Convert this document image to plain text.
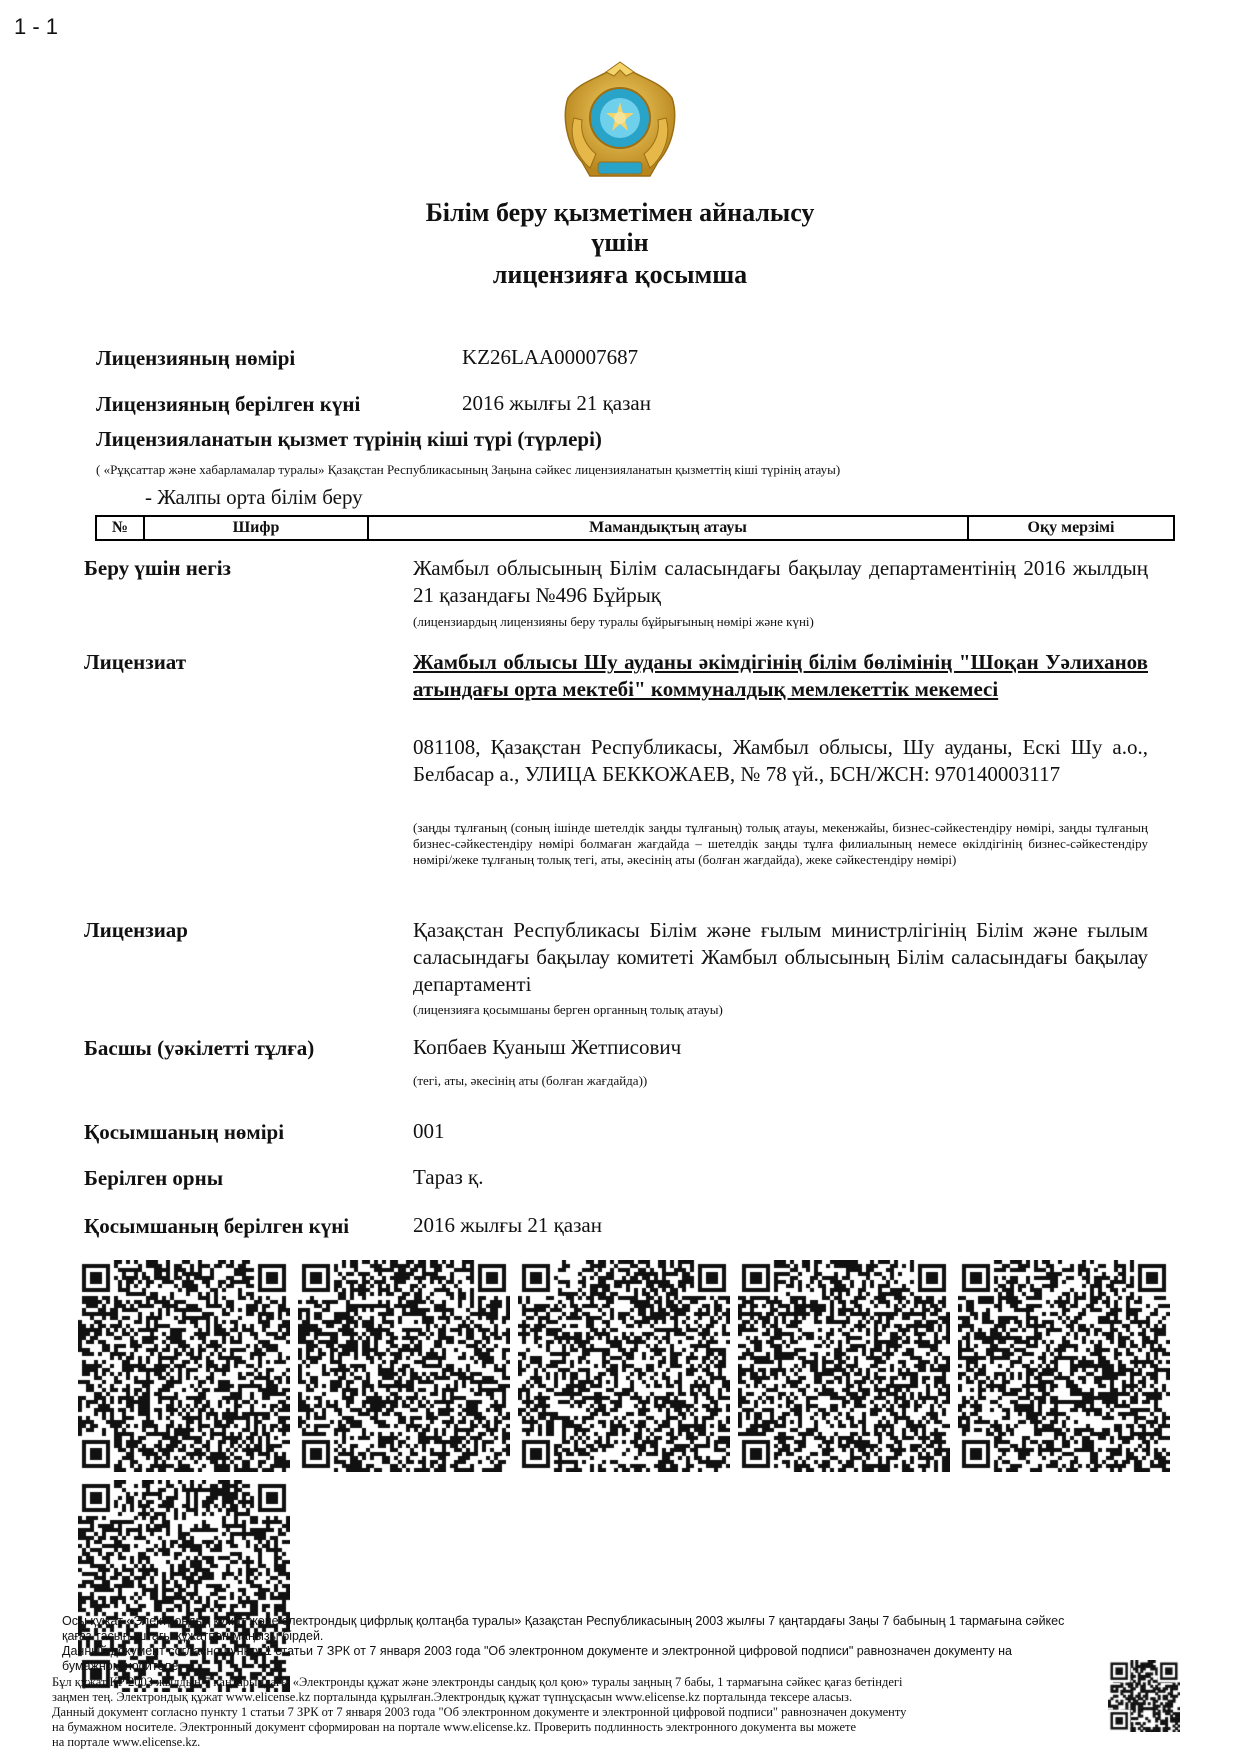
1 - 1
Білім беру қызметімен айналысу
үшін
лицензияға қосымша
Лицензияның нөмірі	KZ26LAA00007687
Лицензияның берілген күні	2016 жылғы 21 қазан
Лицензияланатын қызмет түрінің кіші түрі (түрлері)
( «Рұқсаттар және хабарламалар туралы» Қазақстан Республикасының Заңына сәйкес лицензияланатын қызметтің кіші түрінің атауы)
- Жалпы орта білім беру
№	Шифр	Мамандықтың атауы	Оқу мерзімі
Беру үшін негіз	Жамбыл облысының Білім саласындағы бақылау департаментінің 2016 жылдың 21 қазандағы №496 Бұйрық
(лицензиардың лицензияны беру туралы бұйрығының нөмірі және күні)
Лицензиат	Жамбыл облысы Шу ауданы әкімдігінің білім бөлімінің "Шоқан Уәлиханов атындағы орта мектебі" коммуналдық мемлекеттік мекемесі
081108, Қазақстан Республикасы, Жамбыл облысы, Шу ауданы, Ескі Шу а.о., Белбасар а., УЛИЦА БЕККОЖАЕВ, № 78 үй., БСН/ЖСН: 970140003117
(заңды тұлғаның (соның ішінде шетелдік заңды тұлғаның) толық атауы, мекенжайы, бизнес-сәйкестендіру нөмірі, заңды тұлғаның бизнес-сәйкестендіру нөмірі болмаған жағдайда – шетелдік заңды тұлға филиалының немесе өкілдігінің бизнес-сәйкестендіру нөмірі/жеке тұлғаның толық тегі, аты, әкесінің аты (болған жағдайда), жеке сәйкестендіру нөмірі)
Лицензиар	Қазақстан Республикасы Білім және ғылым министрлігінің Білім және ғылым саласындағы бақылау комитеті Жамбыл облысының Білім саласындағы бақылау департаменті
(лицензияға қосымшаны берген органның толық атауы)
Басшы (уәкілетті тұлға)	Копбаев Куаныш Жетписович
(тегі, аты, әкесінің аты (болған жағдайда))
Қосымшаның нөмірі	001
Берілген орны	Тараз қ.
Қосымшаның берілген күні	2016 жылғы 21 қазан
Осы құжат «Электрондық құжат және электрондық цифрлық қолтаңба туралы» Қазақстан Республикасының 2003 жылғы 7 қаңтардағы Заңы 7 бабының 1 тармағына сәйкес
қағаз тасығыштағы құжатпен маңызы бірдей.
Данный документ согласно пункту 1 статьи 7 ЗРК от 7 января 2003 года "Об электронном документе и электронной цифровой подписи" равнозначен документу на
бумажном носителе.
Бұл құжат ҚР 2003 жылдың 7 қаңтарындағы «Электронды құжат және электронды сандық қол қою» туралы заңның 7 бабы, 1 тармағына сәйкес қағаз бетіндегі
заңмен тең. Электрондық құжат www.elicense.kz порталында құрылған.Электрондық құжат түпнұсқасын www.elicense.kz порталында тексере аласыз.
Данный документ согласно пункту 1 статьи 7 ЗРК от 7 января 2003 года "Об электронном документе и электронной цифровой подписи" равнозначен документу
на бумажном носителе. Электронный документ сформирован на портале www.elicense.kz. Проверить подлинность электронного документа вы можете
на портале www.elicense.kz.
